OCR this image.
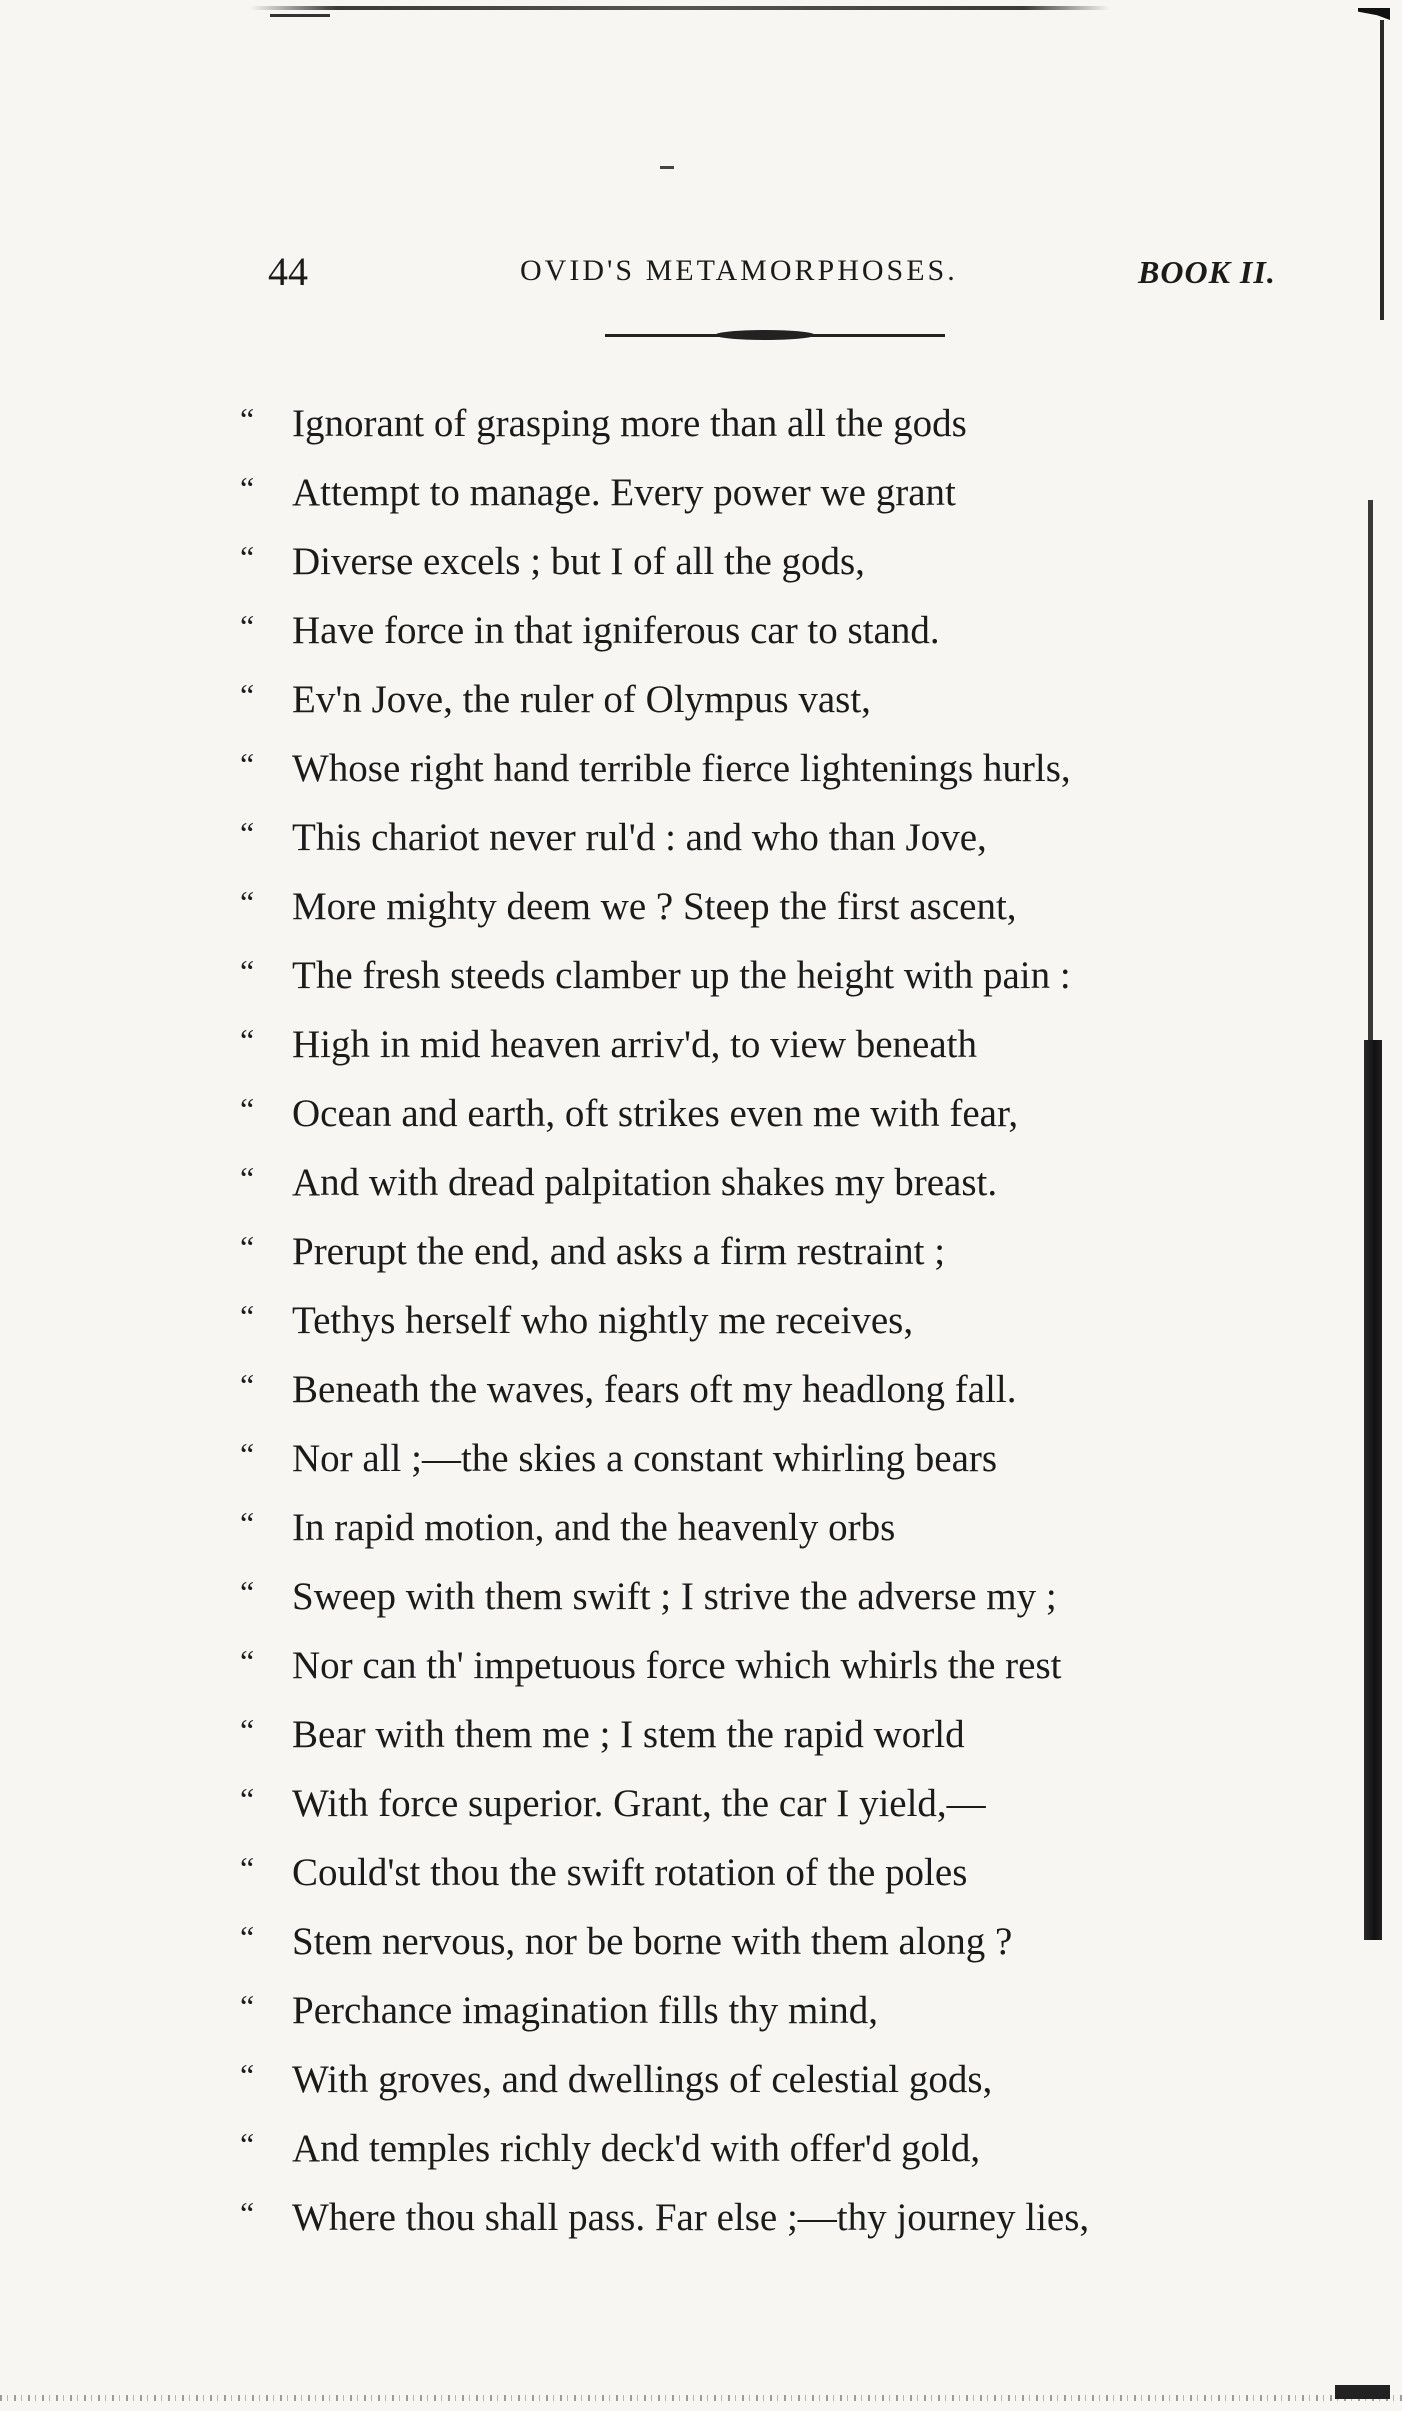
44	OVID'S METAMORPHOSES.	BOOK II.
“ Ignorant of grasping more than all the gods
“ Attempt to manage. Every power we grant
“ Diverse excels ; but I of all the gods,
“ Have force in that igniferous car to stand.
“ Ev'n Jove, the ruler of Olympus vast,
“ Whose right hand terrible fierce lightenings hurls,
“ This chariot never rul'd : and who than Jove,
“ More mighty deem we ? Steep the first ascent,
“ The fresh steeds clamber up the height with pain :
“ High in mid heaven arriv'd, to view beneath
“ Ocean and earth, oft strikes even me with fear,
“ And with dread palpitation shakes my breast.
“ Prerupt the end, and asks a firm restraint ;
“ Tethys herself who nightly me receives,
“ Beneath the waves, fears oft my headlong fall.
“ Nor all ;—the skies a constant whirling bears
“ In rapid motion, and the heavenly orbs
“ Sweep with them swift ; I strive the adverse my ;
“ Nor can th' impetuous force which whirls the rest
“ Bear with them me ; I stem the rapid world
“ With force superior. Grant, the car I yield,—
“ Could'st thou the swift rotation of the poles
“ Stem nervous, nor be borne with them along ?
“ Perchance imagination fills thy mind,
“ With groves, and dwellings of celestial gods,
“ And temples richly deck'd with offer'd gold,
“ Where thou shall pass. Far else ;—thy journey lies,
